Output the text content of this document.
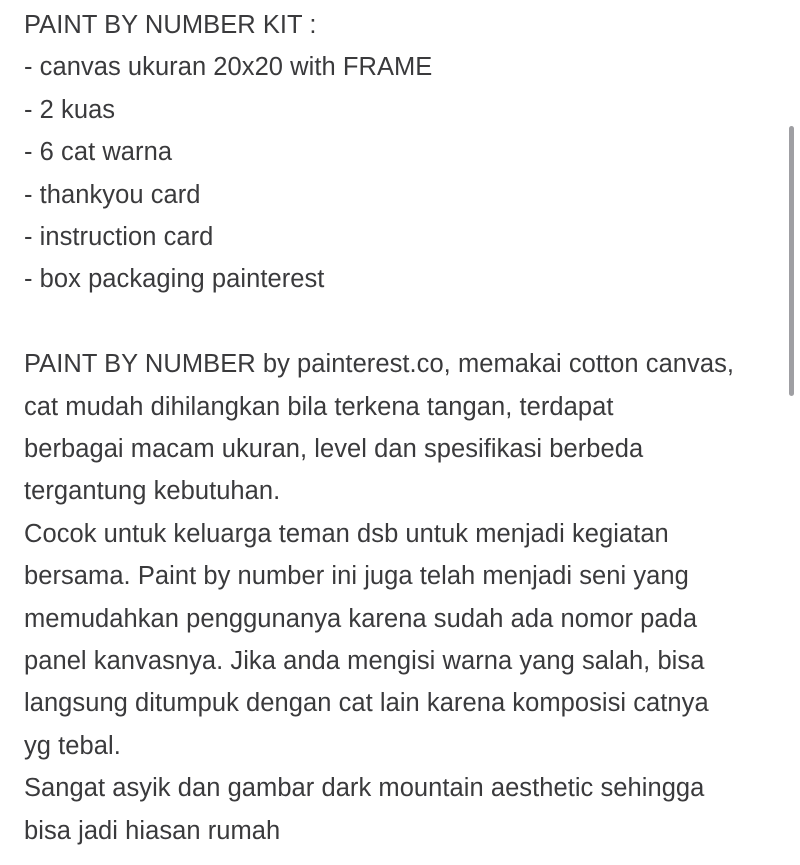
PAINT BY NUMBER KIT :
- canvas ukuran 20x20 with FRAME
- 2 kuas
- 6 cat warna
- thankyou card
- instruction card
- box packaging painterest
PAINT BY NUMBER by painterest.co, memakai cotton canvas,
cat mudah dihilangkan bila terkena tangan, terdapat
berbagai macam ukuran, level dan spesifikasi berbeda
tergantung kebutuhan.
Cocok untuk keluarga teman dsb untuk menjadi kegiatan
bersama. Paint by number ini juga telah menjadi seni yang
memudahkan penggunanya karena sudah ada nomor pada
panel kanvasnya. Jika anda mengisi warna yang salah, bisa
langsung ditumpuk dengan cat lain karena komposisi catnya
yg tebal.
Sangat asyik dan gambar dark mountain aesthetic sehingga
bisa jadi hiasan rumah
